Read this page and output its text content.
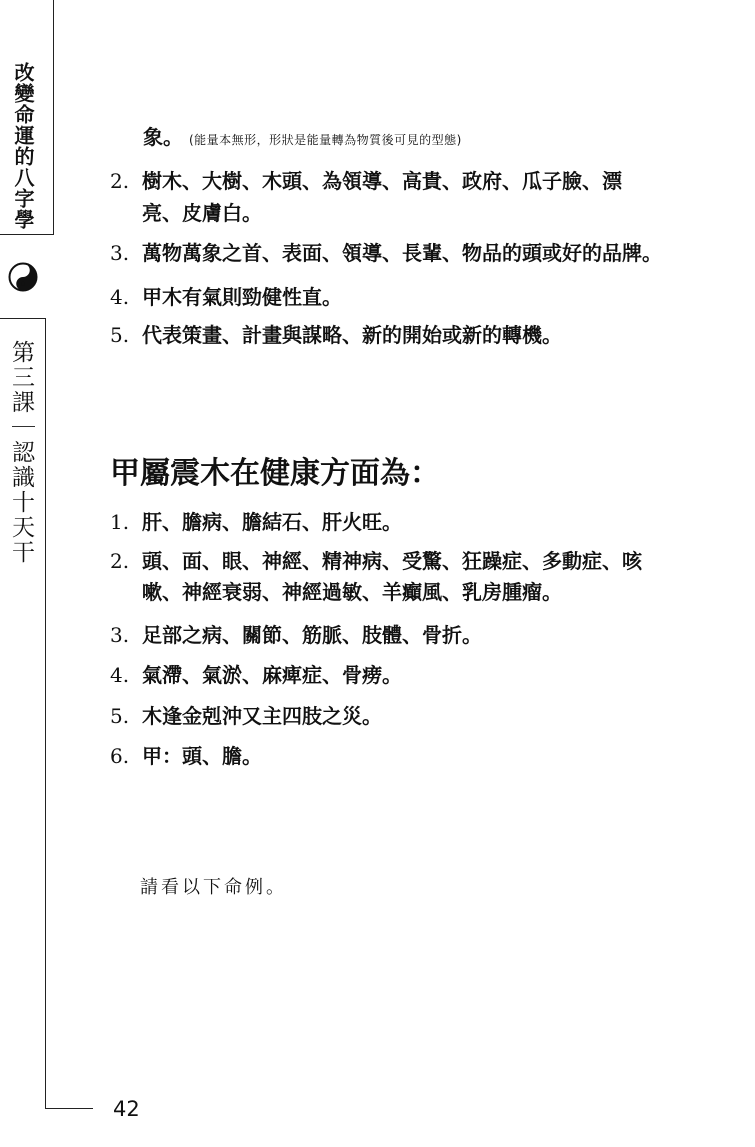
改變命運的八字學
第三課｜認識十天干
象。 (能量本無形，形狀是能量轉為物質後可見的型態)
2. 樹木、大樹、木頭、為領導、高貴、政府、瓜子臉、漂
亮、皮膚白。
3. 萬物萬象之首、表面、領導、長輩、物品的頭或好的品牌。
4. 甲木有氣則勁健性直。
5. 代表策畫、計畫與謀略、新的開始或新的轉機。
甲屬震木在健康方面為：
1. 肝、膽病、膽結石、肝火旺。
2. 頭、面、眼、神經、精神病、受驚、狂躁症、多動症、咳
嗽、神經衰弱、神經過敏、羊癲風、乳房腫瘤。
3. 足部之病、關節、筋脈、肢體、骨折。
4. 氣滯、氣淤、麻痺症、骨痨。
5. 木逢金剋沖又主四肢之災。
6. 甲：頭、膽。
請看以下命例。
42
